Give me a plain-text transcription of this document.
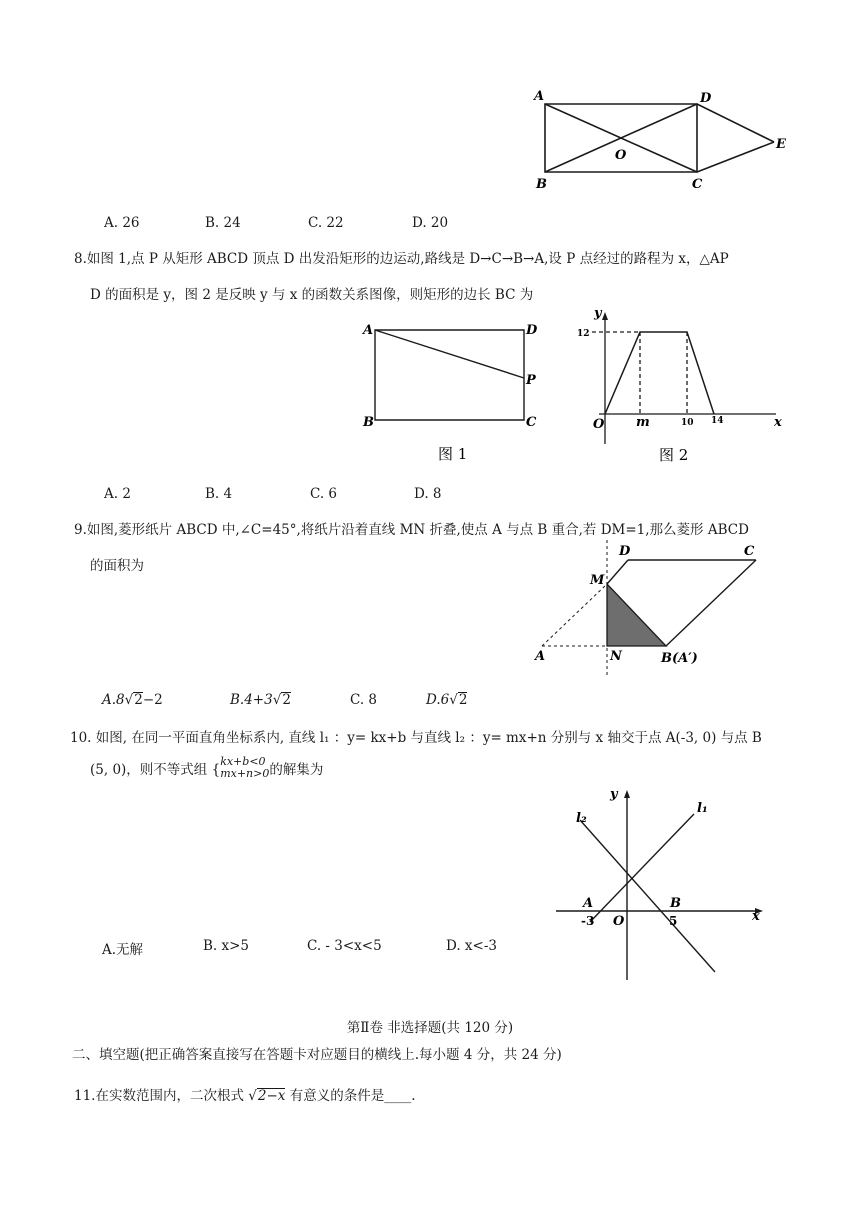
A	D
O
E
B	C
A. 26	B. 24	C. 22	D. 20
8.如图 1,点 P 从矩形 ABCD 顶点 D 出发沿矩形的边运动,路线是 D→C→B→A,设 P 点经过的路程为 x，△AP
D 的面积是 y，图 2 是反映 y 与 x 的函数关系图像，则矩形的边长 BC 为
A	D
P
B	C
图 1
y
x
O
12
m	10 14
图 2
A. 2	B. 4	C. 6	D. 8
9.如图,菱形纸片 ABCD 中,∠C=45°,将纸片沿着直线 MN 折叠,使点 A 与点 B 重合,若 DM=1,那么菱形 ABCD
的面积为
D	C
M
A	N	B(A′)
A.8√2−2	B.4+3√2	C. 8	D.6√2
10. 如图, 在同一平面直角坐标系内, 直线 l₁ ：y= kx+b 与直线 l₂ ：y= mx+n 分别与 x 轴交于点 A(-3, 0) 与点 B
(5, 0)，则不等式组 {
kx+b<0
mx+n>0 的解集为
y
x
l₁
l₂
A	B
O
-3	5
A.无解	B. x>5	C. - 3<x<5	D. x<-3
第Ⅱ卷 非选择题(共 120 分)
二、填空题(把正确答案直接写在答题卡对应题目的横线上.每小题 4 分，共 24 分)
11.在实数范围内，二次根式 √2−x 有意义的条件是____.
